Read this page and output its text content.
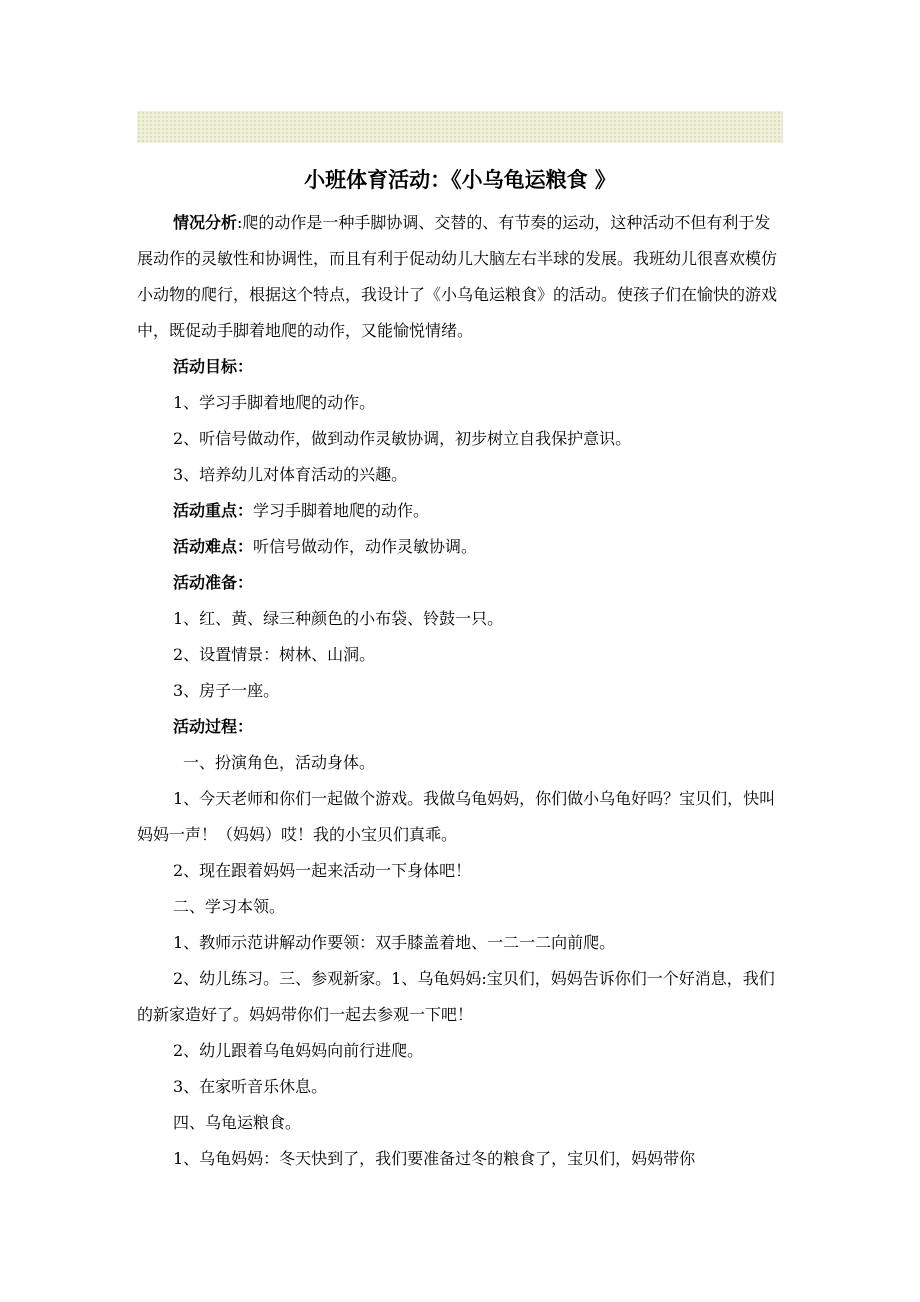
小班体育活动：《小乌龟运粮食 》

情况分析:爬的动作是一种手脚协调、交替的、有节奏的运动，这种活动不但有利于发展动作的灵敏性和协调性，而且有利于促动幼儿大脑左右半球的发展。我班幼儿很喜欢模仿小动物的爬行，根据这个特点，我设计了《小乌龟运粮食》的活动。使孩子们在愉快的游戏中，既促动手脚着地爬的动作，又能愉悦情绪。

活动目标：

1、学习手脚着地爬的动作。

2、听信号做动作，做到动作灵敏协调，初步树立自我保护意识。

3、培养幼儿对体育活动的兴趣。

活动重点：学习手脚着地爬的动作。

活动难点：听信号做动作，动作灵敏协调。

活动准备：

1、红、黄、绿三种颜色的小布袋、铃鼓一只。

2、设置情景：树林、山洞。

3、房子一座。

活动过程：

一、扮演角色，活动身体。

1、今天老师和你们一起做个游戏。我做乌龟妈妈，你们做小乌龟好吗？宝贝们，快叫妈妈一声！（妈妈）哎！我的小宝贝们真乖。

2、现在跟着妈妈一起来活动一下身体吧！

二、学习本领。

1、教师示范讲解动作要领：双手膝盖着地、一二一二向前爬。

2、幼儿练习。三、参观新家。1、乌龟妈妈:宝贝们，妈妈告诉你们一个好消息，我们的新家造好了。妈妈带你们一起去参观一下吧！

2、幼儿跟着乌龟妈妈向前行进爬。

3、在家听音乐休息。

四、乌龟运粮食。

1、乌龟妈妈：冬天快到了，我们要准备过冬的粮食了，宝贝们，妈妈带你
